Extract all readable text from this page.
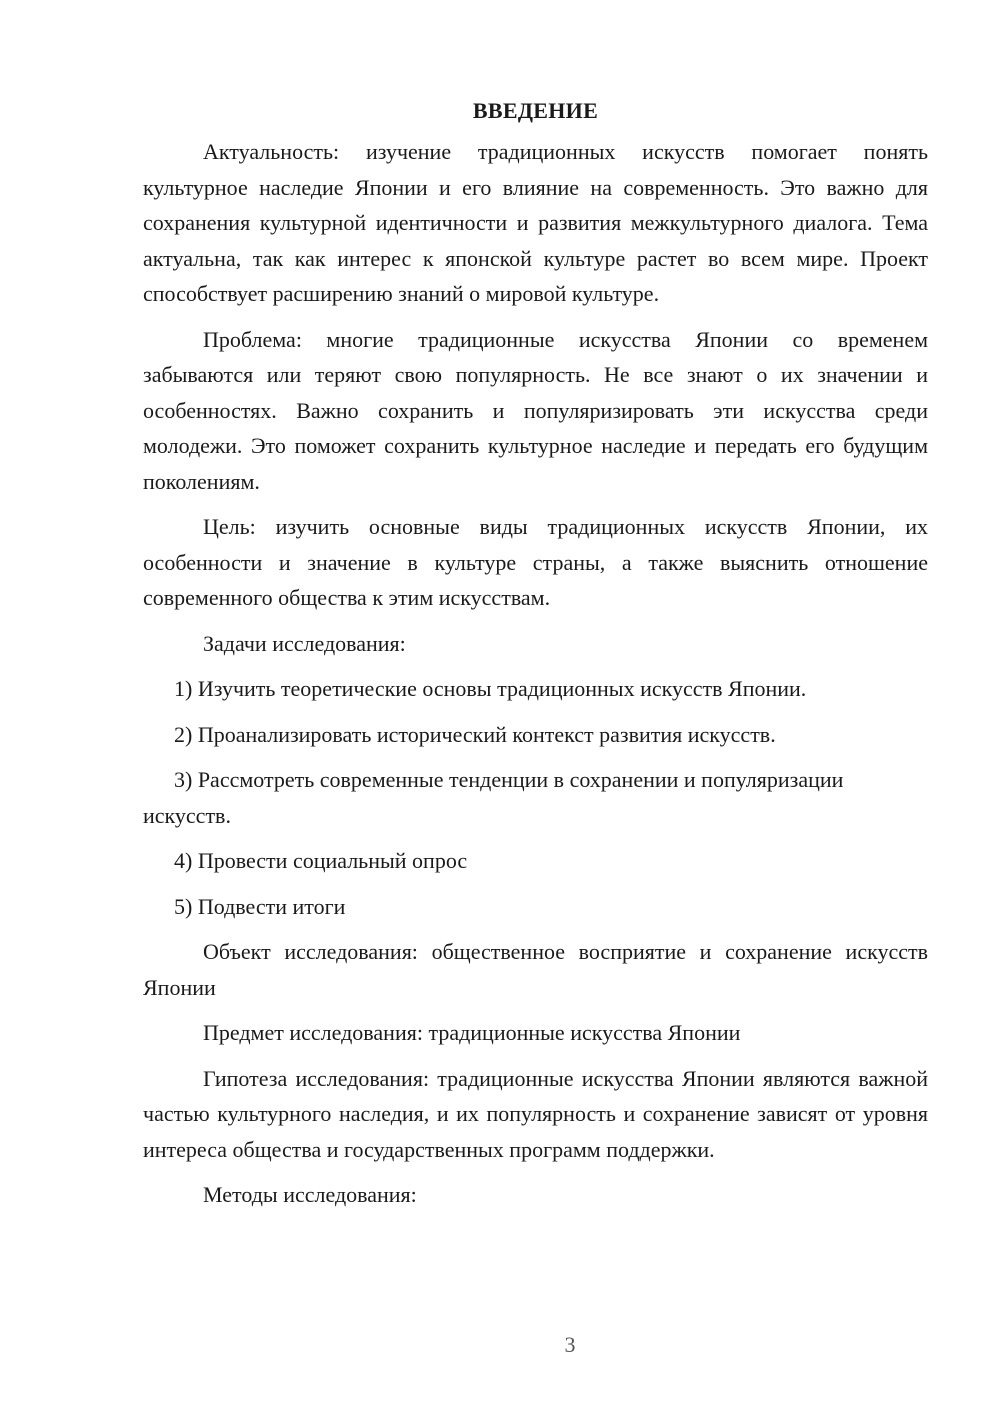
ВВЕДЕНИЕ

Актуальность: изучение традиционных искусств помогает понять культурное наследие Японии и его влияние на современность. Это важно для сохранения культурной идентичности и развития межкультурного диалога. Тема актуальна, так как интерес к японской культуре растет во всем мире. Проект способствует расширению знаний о мировой культуре.

Проблема: многие традиционные искусства Японии со временем забываются или теряют свою популярность. Не все знают о их значении и особенностях. Важно сохранить и популяризировать эти искусства среди молодежи. Это поможет сохранить культурное наследие и передать его будущим поколениям.

Цель: изучить основные виды традиционных искусств Японии, их особенности и значение в культуре страны, а также выяснить отношение современного общества к этим искусствам.

Задачи исследования:

1) Изучить теоретические основы традиционных искусств Японии.

2) Проанализировать исторический контекст развития искусств.

3) Рассмотреть современные тенденции в сохранении и популяризации искусств.

4) Провести социальный опрос

5) Подвести итоги

Объект исследования: общественное восприятие и сохранение искусств Японии

Предмет исследования: традиционные искусства Японии

Гипотеза исследования: традиционные искусства Японии являются важной частью культурного наследия, и их популярность и сохранение зависят от уровня интереса общества и государственных программ поддержки.

Методы исследования:

3
